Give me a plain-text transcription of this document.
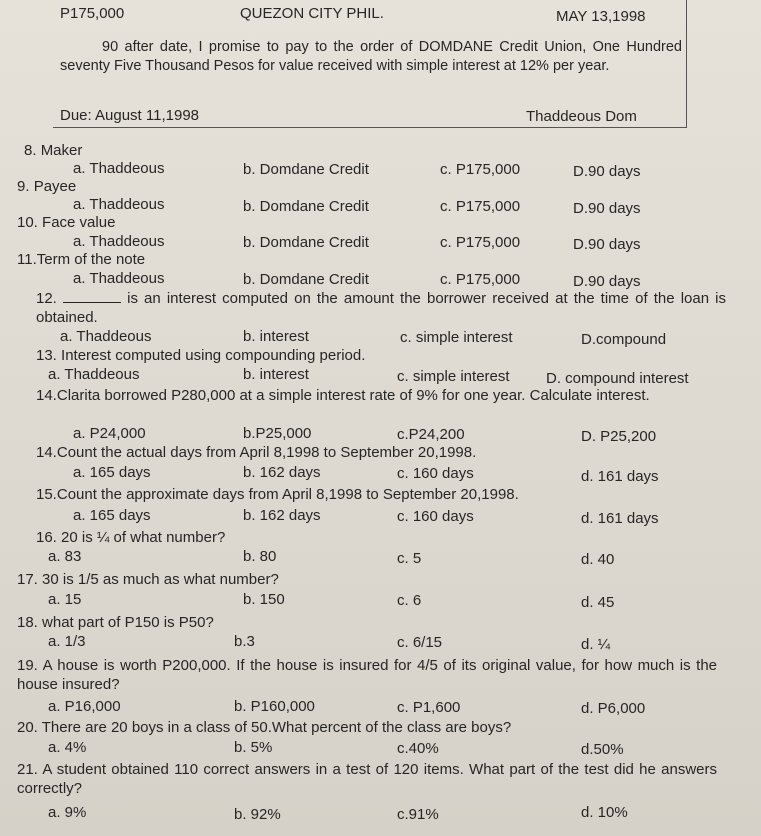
P175,000	QUEZON CITY PHIL.	MAY 13,1998
90 after date, I promise to pay to the order of DOMDANE Credit Union, One Hundred seventy Five Thousand Pesos for value received with simple interest at 12% per year.
Due: August 11,1998	Thaddeous Dom
8. Maker
a. Thaddeous	b. Domdane Credit	c. P175,000	D.90 days
9. Payee
a. Thaddeous	b. Domdane Credit	c. P175,000	D.90 days
10. Face value
a. Thaddeous	b. Domdane Credit	c. P175,000	D.90 days
11.Term of the note
a. Thaddeous	b. Domdane Credit	c. P175,000	D.90 days
12.	is an interest computed on the amount the borrower received at the time of the loan is obtained.
a. Thaddeous	b. interest	c. simple interest	D.compound
13. Interest computed using compounding period.
a. Thaddeous	b. interest	c. simple interest D. compound interest
14.Clarita borrowed P280,000 at a simple interest rate of 9% for one year. Calculate interest.
a. P24,000	b.P25,000	c.P24,200	D. P25,200
14.Count the actual days from April 8,1998 to September 20,1998.
a. 165 days	b. 162 days	c. 160 days	d. 161 days
15.Count the approximate days from April 8,1998 to September 20,1998.
a. 165 days	b. 162 days	c. 160 days	d. 161 days
16. 20 is ¼ of what number?
a. 83	b. 80	c. 5	d. 40
17. 30 is 1/5 as much as what number?
a. 15	b. 150	c. 6	d. 45
18. what part of P150 is P50?
a. 1/3	b.3	c. 6/15	d. ¼
19. A house is worth P200,000. If the house is insured for 4/5 of its original value, for how much is the house insured?
a. P16,000	b. P160,000	c. P1,600	d. P6,000
20. There are 20 boys in a class of 50.What percent of the class are boys?
a. 4%	b. 5%	c.40%	d.50%
21. A student obtained 110 correct answers in a test of 120 items. What part of the test did he answers correctly?
a. 9%	b. 92%	c.91%	d. 10%
